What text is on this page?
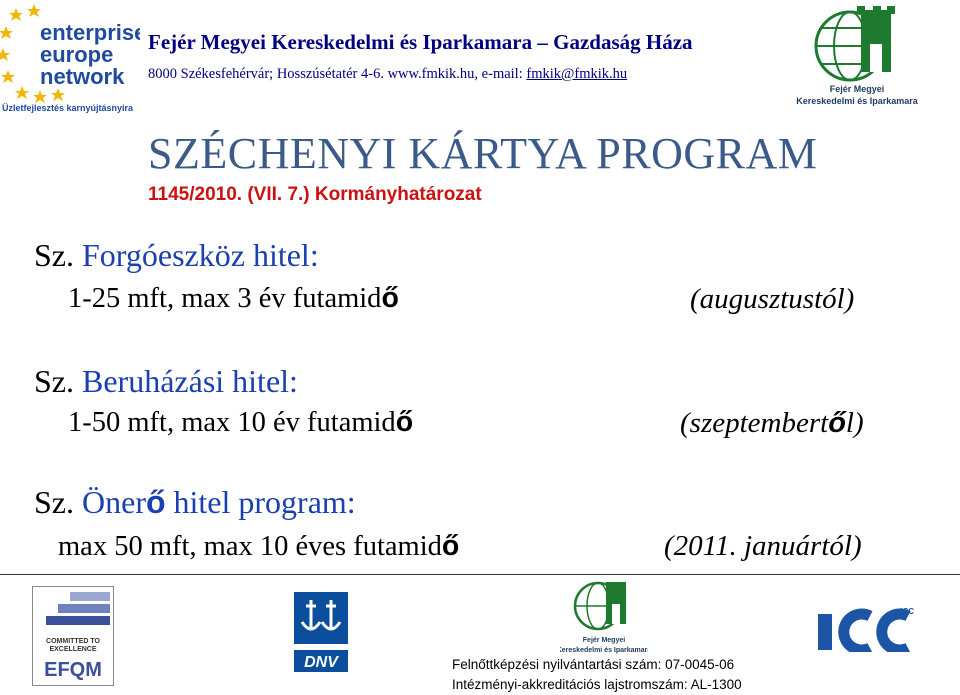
enterprise
europe
network
Üzletfejlesztés karnyújtásnyira
Fejér Megyei Kereskedelmi és Iparkamara – Gazdaság Háza
8000 Székesfehérvár; Hosszúsétatér 4-6. www.fmkik.hu, e-mail: fmkik@fmkik.hu
Fejér Megyei
Kereskedelmi és Iparkamara
SZÉCHENYI KÁRTYA PROGRAM
1145/2010. (VII. 7.) Kormányhatározat
Sz. Forgóeszköz hitel:
1-25 mft, max 3 év futamidő	(augusztustól)
Sz. Beruházási hitel:
1-50 mft, max 10 év futamidő	(szeptembertől)
Sz. Önerő hitel program:
max 50 mft, max 10 éves futamidő	(2011. januártól)
COMMITTED TO
EXCELLENCE
EFQM	DNV
Fejér Megyei
Kereskedelmi és Iparkamara
ICC
Felnőttképzési nyilvántartási szám: 07-0045-06
Intézményi-akkreditációs lajstromszám: AL-1300
